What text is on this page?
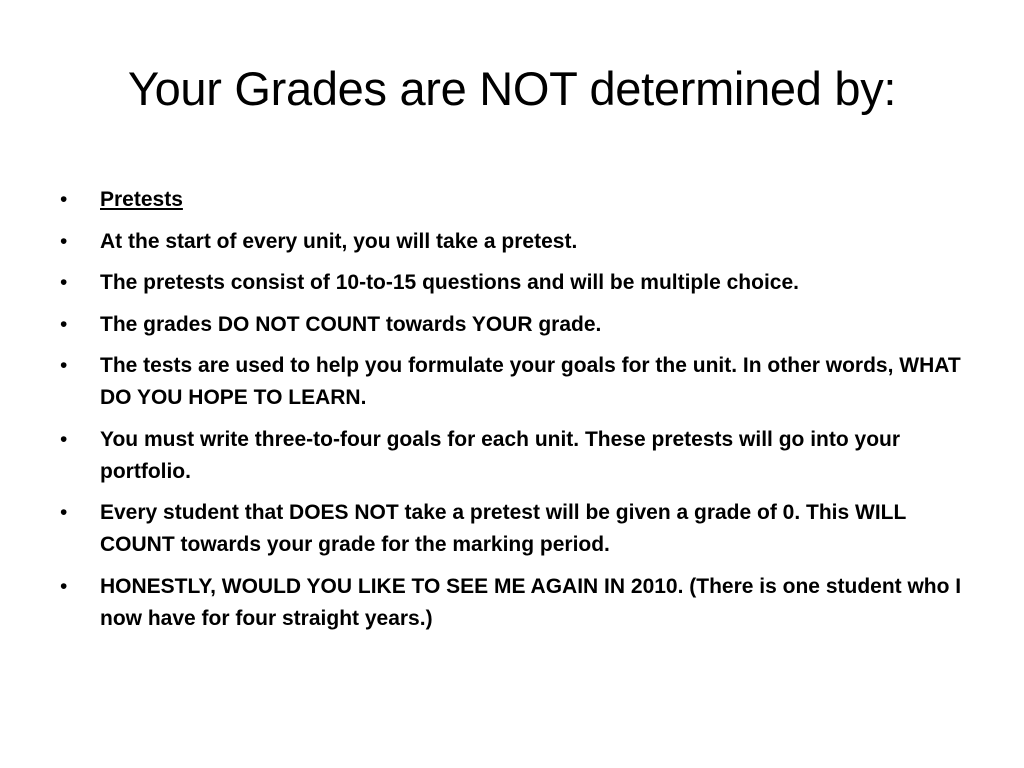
Your Grades are NOT determined by:
• Pretests
• At the start of every unit, you will take a pretest.
• The pretests consist of 10-to-15 questions and will be multiple choice.
• The grades DO NOT COUNT towards YOUR grade.
• The tests are used to help you formulate your goals for the unit. In other words, WHAT DO YOU HOPE TO LEARN.
• You must write three-to-four goals for each unit. These pretests will go into your portfolio.
• Every student that DOES NOT take a pretest will be given a grade of 0. This WILL COUNT towards your grade for the marking period.
• HONESTLY, WOULD YOU LIKE TO SEE ME AGAIN IN 2010. (There is one student who I now have for four straight years.)
